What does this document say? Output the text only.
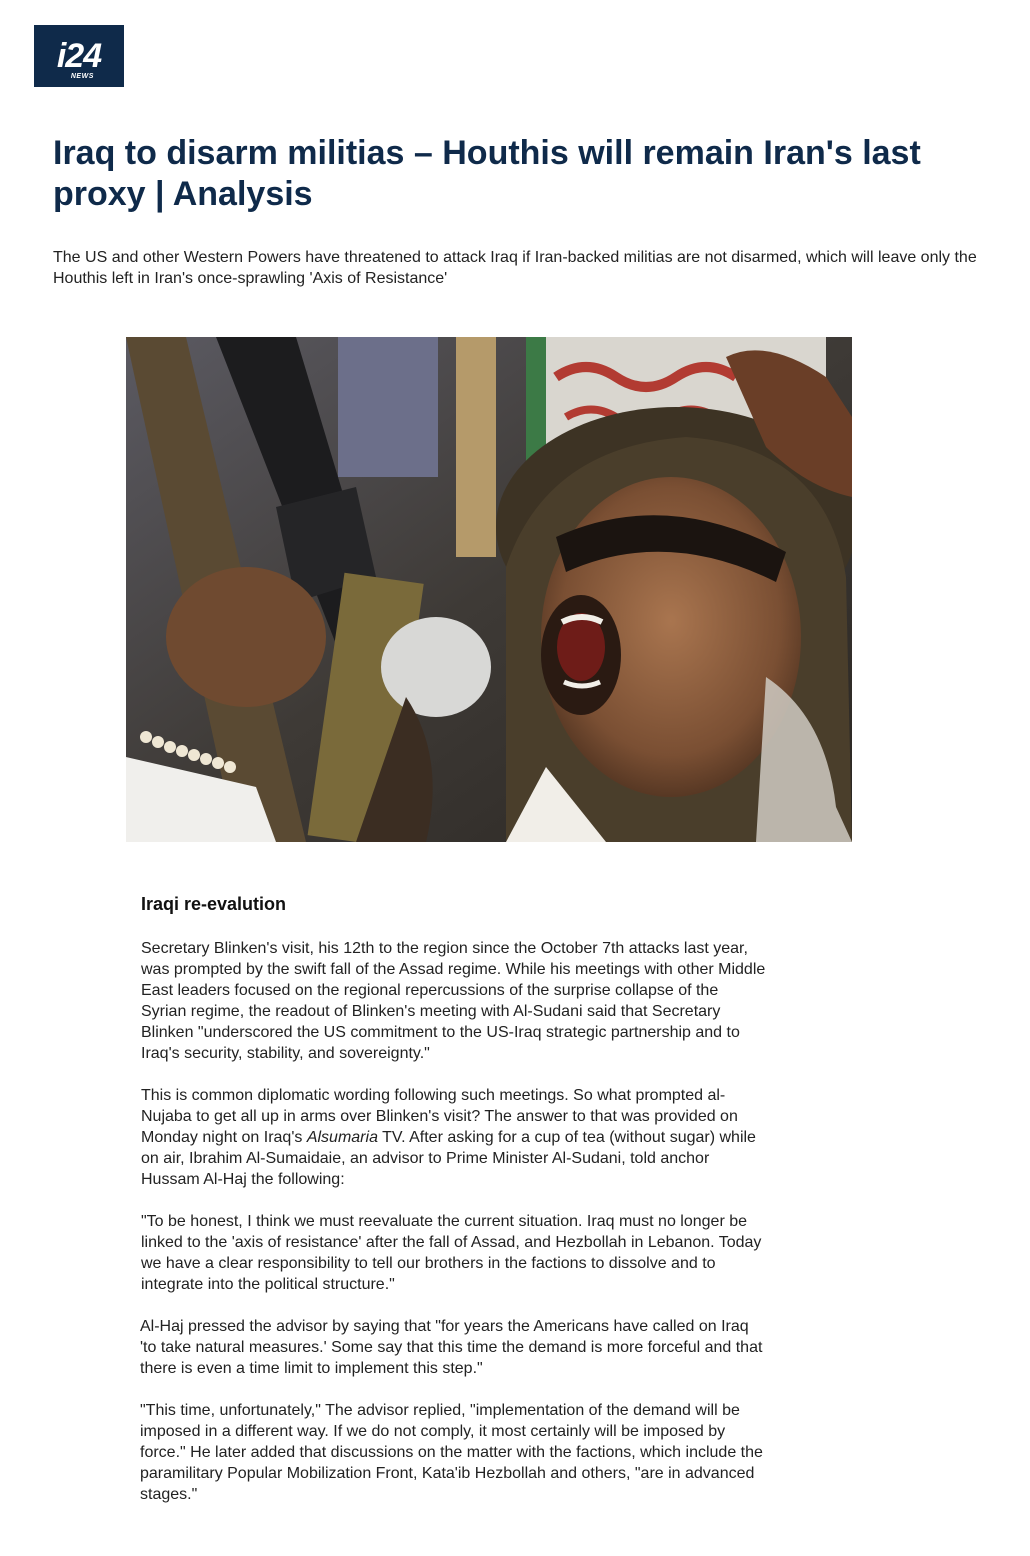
i24
NEWS
Iraq to disarm militias – Houthis will remain Iran's last proxy | Analysis

The US and other Western Powers have threatened to attack Iraq if Iran-backed militias are not disarmed, which will leave only the Houthis left in Iran's once-sprawling 'Axis of Resistance'

Iraqi re-evalution

Secretary Blinken's visit, his 12th to the region since the October 7th attacks last year, was prompted by the swift fall of the Assad regime. While his meetings with other Middle East leaders focused on the regional repercussions of the surprise collapse of the Syrian regime, the readout of Blinken's meeting with Al-Sudani said that Secretary Blinken "underscored the US commitment to the US-Iraq strategic partnership and to Iraq's security, stability, and sovereignty."

This is common diplomatic wording following such meetings. So what prompted al-Nujaba to get all up in arms over Blinken's visit? The answer to that was provided on Monday night on Iraq's Alsumaria TV. After asking for a cup of tea (without sugar) while on air, Ibrahim Al-Sumaidaie, an advisor to Prime Minister Al-Sudani, told anchor Hussam Al-Haj the following:

"To be honest, I think we must reevaluate the current situation. Iraq must no longer be linked to the 'axis of resistance' after the fall of Assad, and Hezbollah in Lebanon. Today we have a clear responsibility to tell our brothers in the factions to dissolve and to integrate into the political structure."

Al-Haj pressed the advisor by saying that "for years the Americans have called on Iraq 'to take natural measures.' Some say that this time the demand is more forceful and that there is even a time limit to implement this step."

"This time, unfortunately," The advisor replied, "implementation of the demand will be imposed in a different way. If we do not comply, it most certainly will be imposed by force." He later added that discussions on the matter with the factions, which include the paramilitary Popular Mobilization Front, Kata'ib Hezbollah and others, "are in advanced stages."
